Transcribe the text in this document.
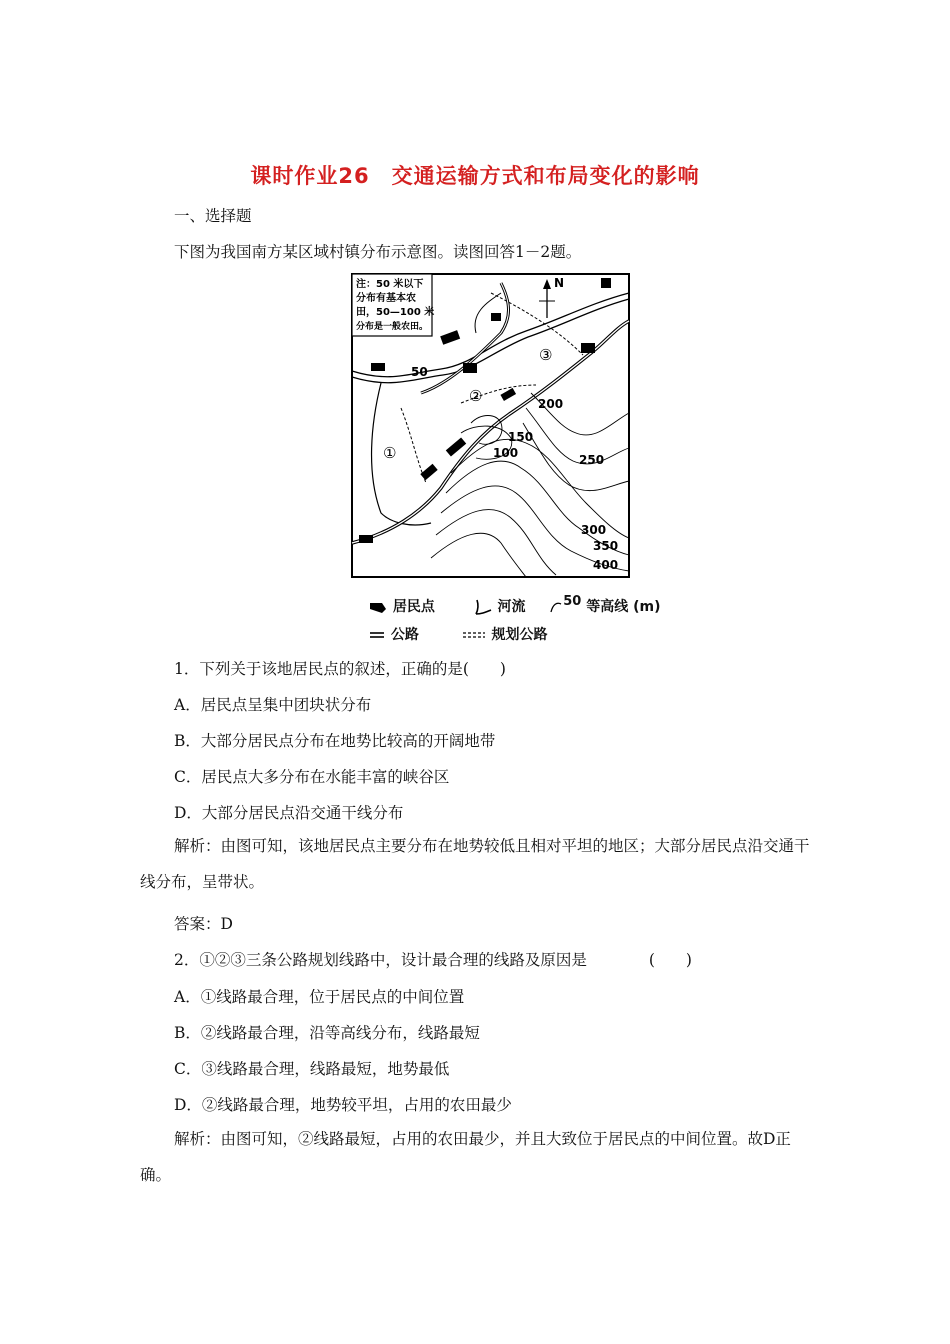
课时作业26　交通运输方式和布局变化的影响
一、选择题
下图为我国南方某区域村镇分布示意图。读图回答1－2题。
注：50 米以下
分布有基本农
田，50—100 米
分布是一般农田。
N
50
100
150
200
250
300
350
400
①
②
③
居民点	河流	50 等高线 (m)
公路	规划公路
1．下列关于该地居民点的叙述，正确的是(　　)
A．居民点呈集中团块状分布
B．大部分居民点分布在地势比较高的开阔地带
C．居民点大多分布在水能丰富的峡谷区
D．大部分居民点沿交通干线分布
解析：由图可知，该地居民点主要分布在地势较低且相对平坦的地区；大部分居民点沿交通干线分布，呈带状。
答案：D
2．①②③三条公路规划线路中，设计最合理的线路及原因是　　　　(　　)
A．①线路最合理，位于居民点的中间位置
B．②线路最合理，沿等高线分布，线路最短
C．③线路最合理，线路最短，地势最低
D．②线路最合理，地势较平坦，占用的农田最少
解析：由图可知，②线路最短，占用的农田最少，并且大致位于居民点的中间位置。故D正确。
